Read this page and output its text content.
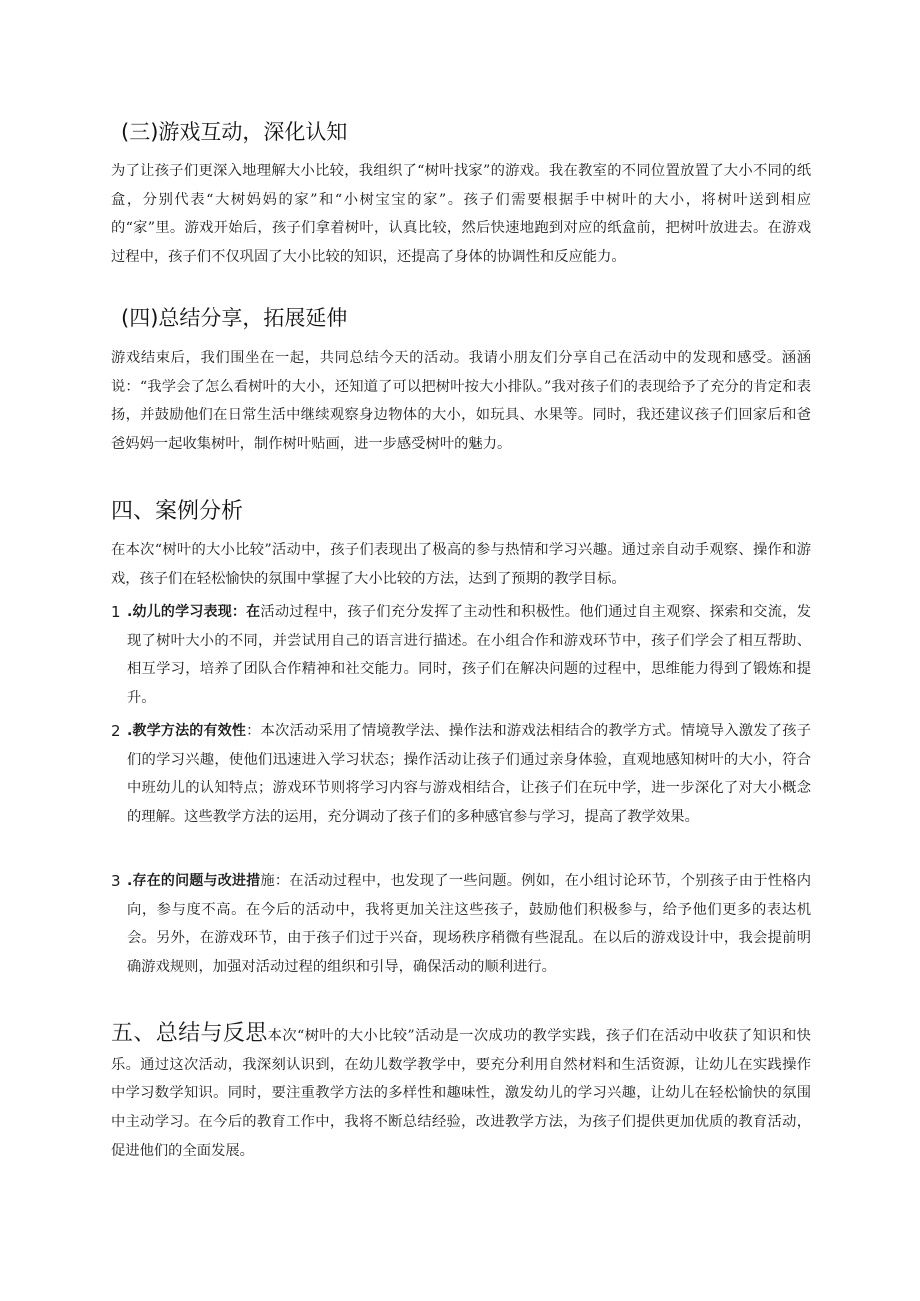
(三)游戏互动，深化认知

为了让孩子们更深入地理解大小比较，我组织了“树叶找家”的游戏。我在教室的不同位置放置了大小不同的纸盒，分别代表“大树妈妈的家”和“小树宝宝的家”。孩子们需要根据手中树叶的大小，将树叶送到相应的“家”里。游戏开始后，孩子们拿着树叶，认真比较，然后快速地跑到对应的纸盒前，把树叶放进去。在游戏过程中，孩子们不仅巩固了大小比较的知识，还提高了身体的协调性和反应能力。

(四)总结分享，拓展延伸

游戏结束后，我们围坐在一起，共同总结今天的活动。我请小朋友们分享自己在活动中的发现和感受。涵涵说：“我学会了怎么看树叶的大小，还知道了可以把树叶按大小排队。”我对孩子们的表现给予了充分的肯定和表扬，并鼓励他们在日常生活中继续观察身边物体的大小，如玩具、水果等。同时，我还建议孩子们回家后和爸爸妈妈一起收集树叶，制作树叶贴画，进一步感受树叶的魅力。

四、案例分析

在本次“树叶的大小比较”活动中，孩子们表现出了极高的参与热情和学习兴趣。通过亲自动手观察、操作和游戏，孩子们在轻松愉快的氛围中掌握了大小比较的方法，达到了预期的教学目标。

1 .幼儿的学习表现：在活动过程中，孩子们充分发挥了主动性和积极性。他们通过自主观察、探索和交流，发现了树叶大小的不同，并尝试用自己的语言进行描述。在小组合作和游戏环节中，孩子们学会了相互帮助、相互学习，培养了团队合作精神和社交能力。同时，孩子们在解决问题的过程中，思维能力得到了锻炼和提升。
2 .教学方法的有效性：本次活动采用了情境教学法、操作法和游戏法相结合的教学方式。情境导入激发了孩子们的学习兴趣，使他们迅速进入学习状态；操作活动让孩子们通过亲身体验，直观地感知树叶的大小，符合中班幼儿的认知特点；游戏环节则将学习内容与游戏相结合，让孩子们在玩中学，进一步深化了对大小概念的理解。这些教学方法的运用，充分调动了孩子们的多种感官参与学习，提高了教学效果。
3 .存在的问题与改进措施：在活动过程中，也发现了一些问题。例如，在小组讨论环节，个别孩子由于性格内向，参与度不高。在今后的活动中，我将更加关注这些孩子，鼓励他们积极参与，给予他们更多的表达机会。另外，在游戏环节，由于孩子们过于兴奋，现场秩序稍微有些混乱。在以后的游戏设计中，我会提前明确游戏规则，加强对活动过程的组织和引导，确保活动的顺利进行。

五、总结与反思本次“树叶的大小比较”活动是一次成功的教学实践，孩子们在活动中收获了知识和快乐。通过这次活动，我深刻认识到，在幼儿数学教学中，要充分利用自然材料和生活资源，让幼儿在实践操作中学习数学知识。同时，要注重教学方法的多样性和趣味性，激发幼儿的学习兴趣，让幼儿在轻松愉快的氛围中主动学习。在今后的教育工作中，我将不断总结经验，改进教学方法，为孩子们提供更加优质的教育活动，促进他们的全面发展。
